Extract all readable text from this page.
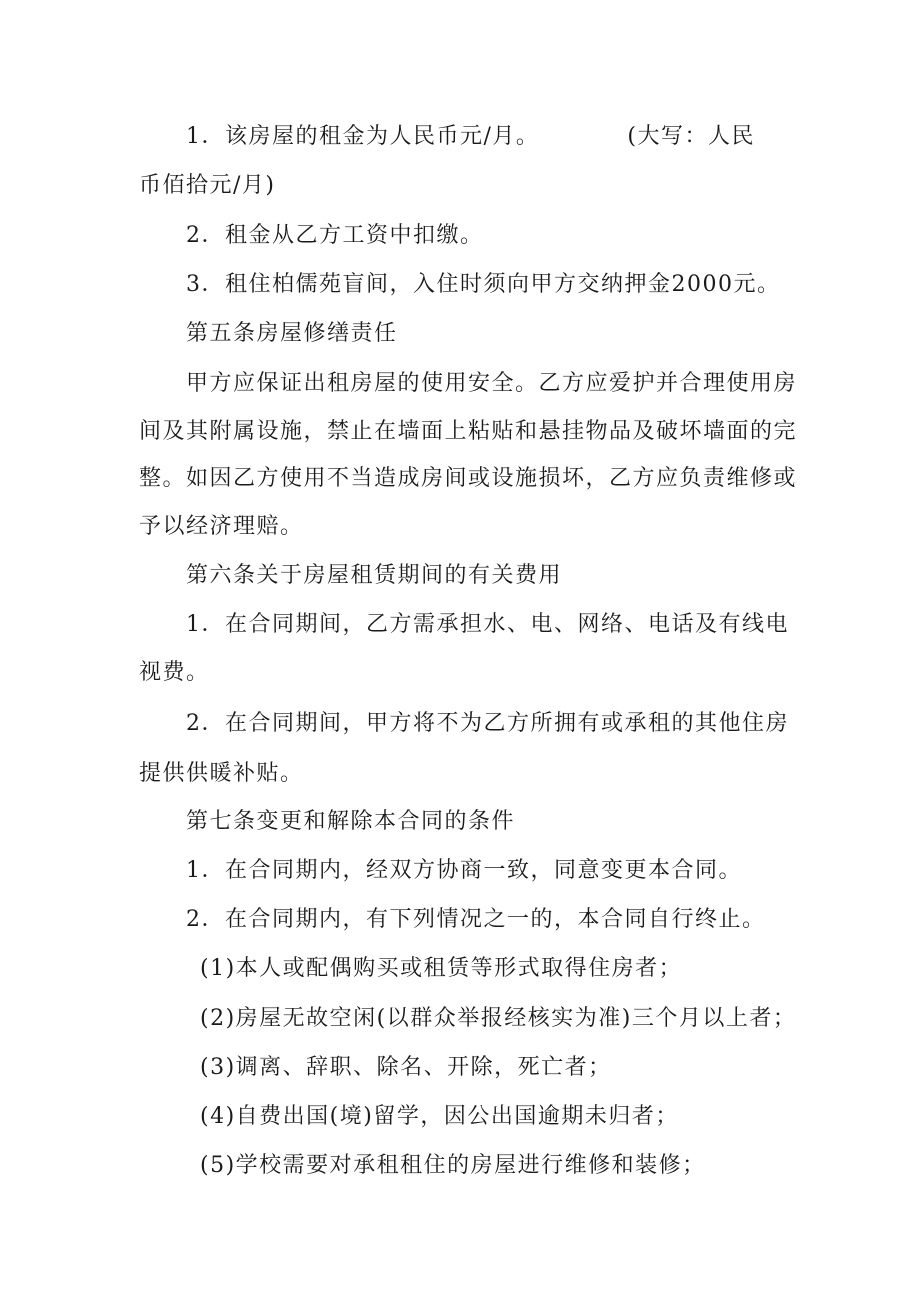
1．该房屋的租金为人民币元/月。	(大写：人民
币佰拾元/月)
2．租金从乙方工资中扣缴。
3．租住柏儒苑盲间，入住时须向甲方交纳押金2000元。
第五条房屋修缮责任
甲方应保证出租房屋的使用安全。乙方应爱护并合理使用房
间及其附属设施，禁止在墙面上粘贴和悬挂物品及破坏墙面的完
整。如因乙方使用不当造成房间或设施损坏，乙方应负责维修或
予以经济理赔。
第六条关于房屋租赁期间的有关费用
1．在合同期间，乙方需承担水、电、网络、电话及有线电
视费。
2．在合同期间，甲方将不为乙方所拥有或承租的其他住房
提供供暖补贴。
第七条变更和解除本合同的条件
1．在合同期内，经双方协商一致，同意变更本合同。
2．在合同期内，有下列情况之一的，本合同自行终止。
(1)本人或配偶购买或租赁等形式取得住房者；
(2)房屋无故空闲(以群众举报经核实为准)三个月以上者；
(3)调离、辞职、除名、开除，死亡者；
(4)自费出国(境)留学，因公出国逾期未归者；
(5)学校需要对承租租住的房屋进行维修和装修；
